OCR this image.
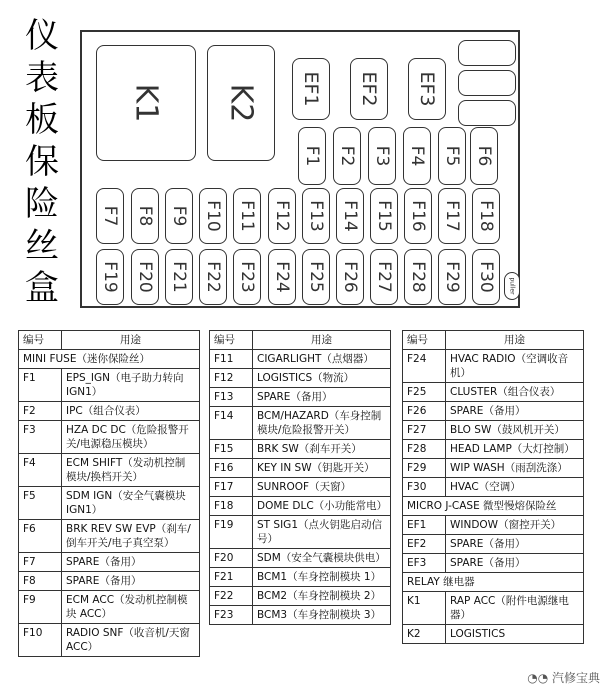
仪
表
板
保
险
丝
盒
K1 K2 EF1 EF2 EF3
F1 F2 F3 F4 F5 F6
F7
F19
F8
F20
F9
F21
F10
F22
F11
F23
F12
F24
F13
F25
F14
F26
F15
F27
F16
F28
F17
F29
F18
F30 puller
◔◔ 汽修宝典
编号	用途
MINI FUSE（迷你保险丝）	
F1	EPS_IGN（电子助力转向 IGN1）
F2	IPC（组合仪表）
F3	HZA DC DC（危险报警开关/电源稳压模块）
F4	ECM SHIFT（发动机控制模块/换档开关）
F5	SDM IGN（安全气囊模块 IGN1）
F6	BRK REV SW EVP（刹车/倒车开关/电子真空泵）
F7	SPARE（备用）
F8	SPARE（备用）
F9	ECM ACC（发动机控制模块 ACC）
F10	RADIO SNF（收音机/天窗 ACC）
编号	用途
F11	CIGARLIGHT（点烟器）
F12	LOGISTICS（物流）
F13	SPARE（备用）
F14	BCM/HAZARD（车身控制模块/危险报警开关）
F15	BRK SW（刹车开关）
F16	KEY IN SW（钥匙开关）
F17	SUNROOF（天窗）
F18	DOME DLC（小功能常电）
F19	ST SIG1（点火钥匙启动信号）
F20	SDM（安全气囊模块供电）
F21	BCM1（车身控制模块 1）
F22	BCM2（车身控制模块 2）
F23	BCM3（车身控制模块 3）
编号	用途
F24	HVAC RADIO（空调收音机）
F25	CLUSTER（组合仪表）
F26	SPARE（备用）
F27	BLO SW（鼓风机开关）
F28	HEAD LAMP（大灯控制）
F29	WIP WASH（雨刮洗涤）
F30	HVAC（空调）
MICRO J-CASE 微型慢熔保险丝	
EF1	WINDOW（窗控开关）
EF2	SPARE（备用）
EF3	SPARE（备用）
RELAY 继电器	
K1	RAP ACC（附件电源继电器）
K2	LOGISTICS
